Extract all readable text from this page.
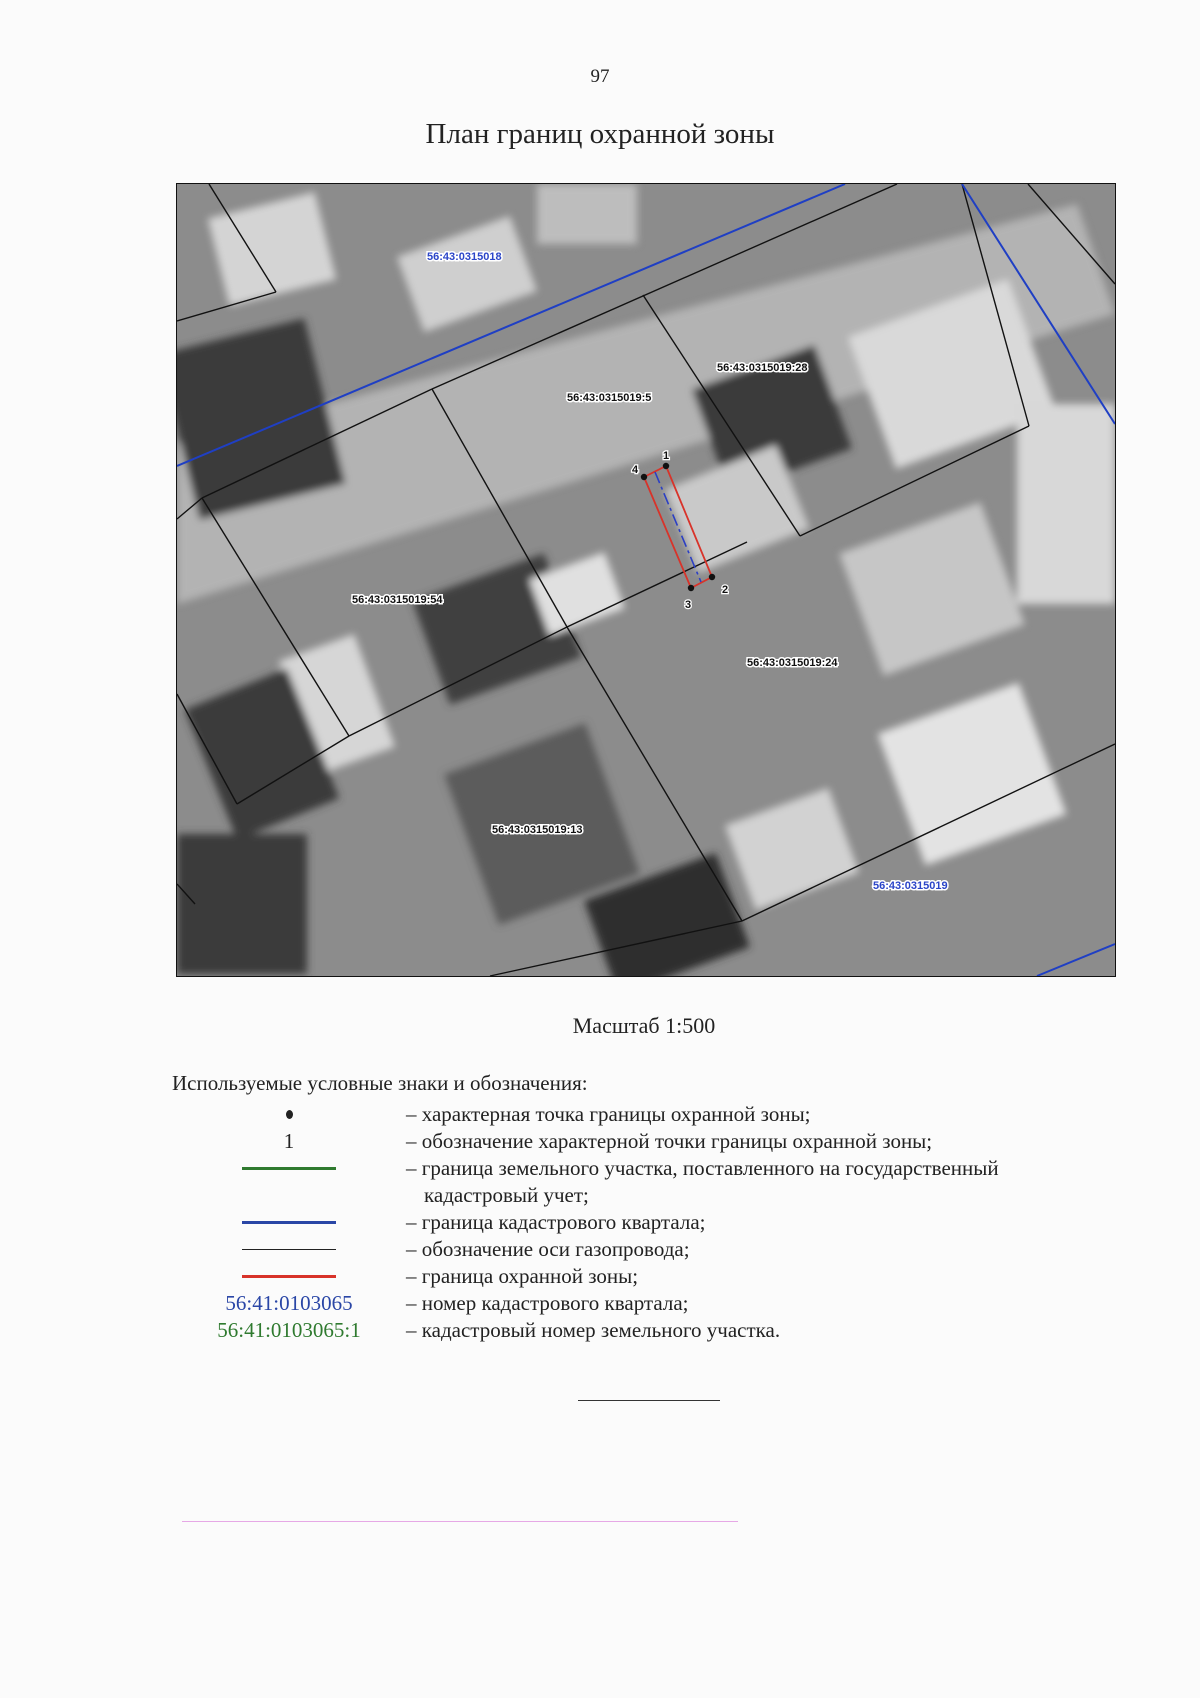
97
План границ охранной зоны
1
2
3
4
56:43:0315018
56:43:0315019
56:43:0315019:5
56:43:0315019:28
56:43:0315019:54
56:43:0315019:24
56:43:0315019:13
Масштаб 1:500
Используемые условные знаки и обозначения:
– характерная точка границы охранной зоны;
1	– обозначение характерной точки границы охранной зоны;
– граница земельного участка, поставленного на государственный
кадастровый учет;
– граница кадастрового квартала;
– обозначение оси газопровода;
– граница охранной зоны;
56:41:0103065	– номер кадастрового квартала;
56:41:0103065:1	– кадастровый номер земельного участка.
